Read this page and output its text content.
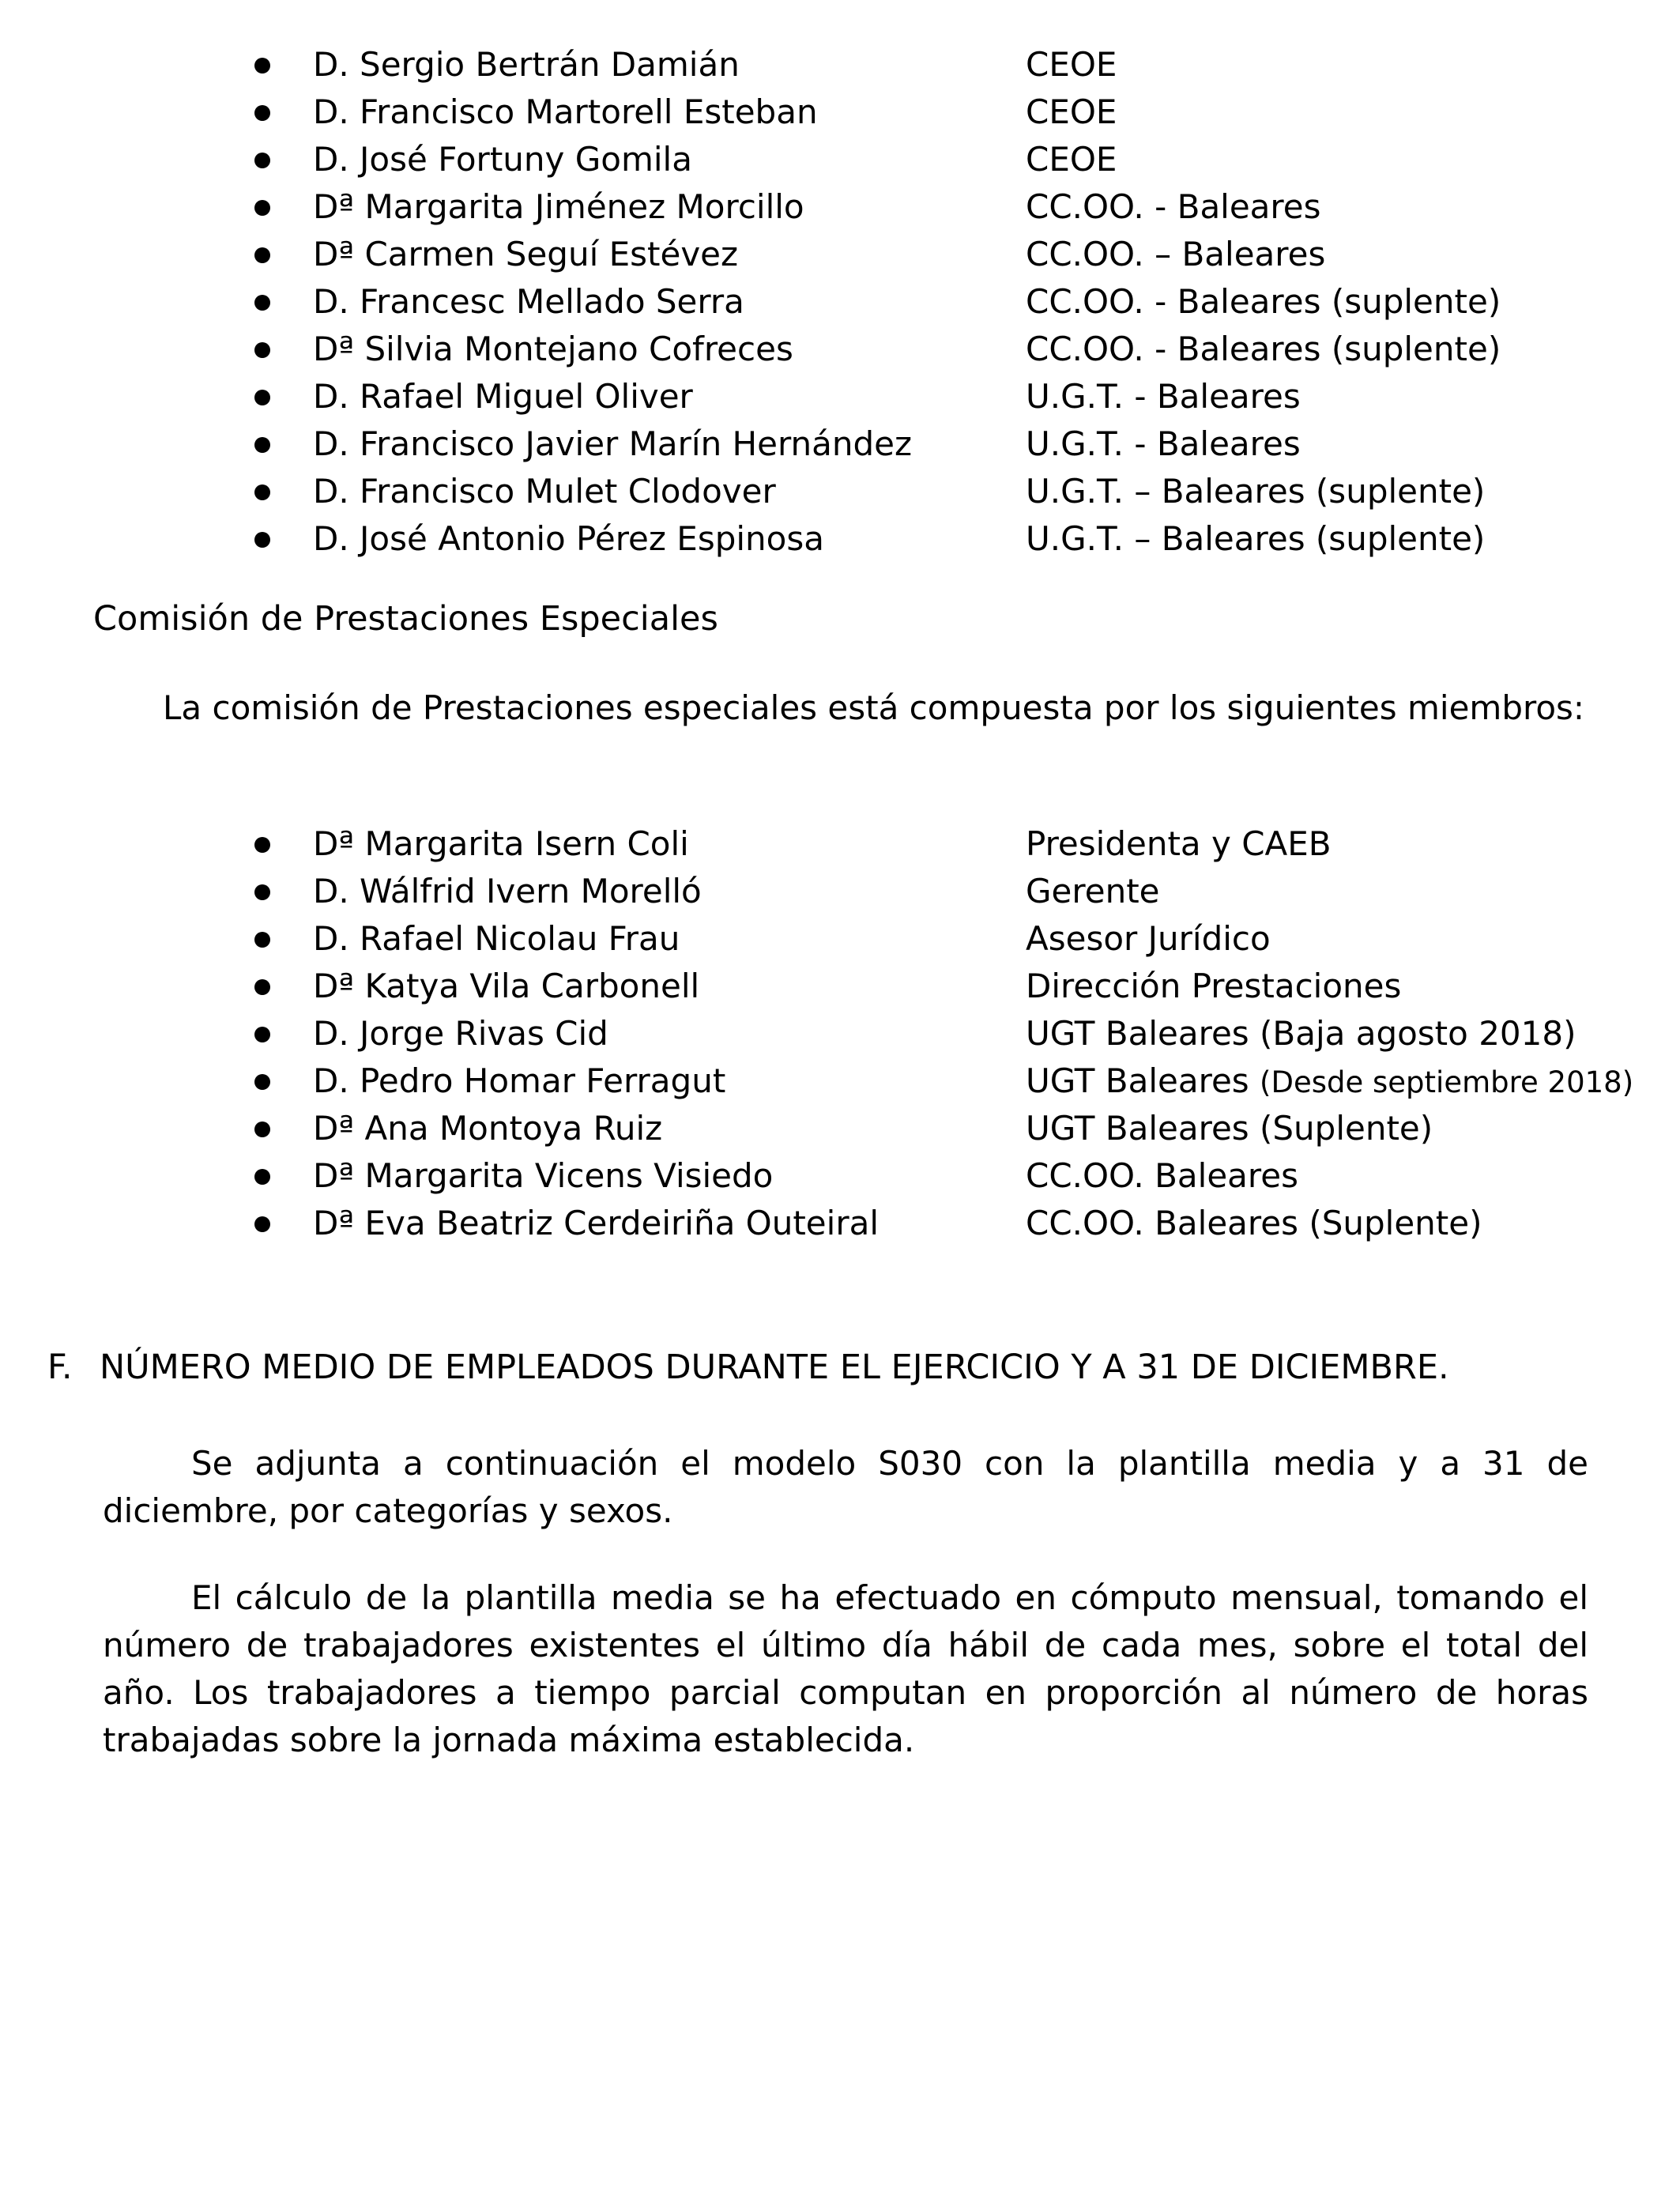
D. Sergio Bertrán Damián	CEOE
D. Francisco Martorell Esteban	CEOE
D. José Fortuny Gomila	CEOE
Dª Margarita Jiménez Morcillo	CC.OO. - Baleares
Dª Carmen Seguí Estévez	CC.OO. – Baleares
D. Francesc Mellado Serra	CC.OO. - Baleares (suplente)
Dª Silvia Montejano Cofreces	CC.OO. - Baleares (suplente)
D. Rafael Miguel Oliver	U.G.T. - Baleares
D. Francisco Javier Marín Hernández	U.G.T. - Baleares
D. Francisco Mulet Clodover	U.G.T. – Baleares (suplente)
D. José Antonio Pérez Espinosa	U.G.T. – Baleares (suplente)
Comisión de Prestaciones Especiales

La comisión de Prestaciones especiales está compuesta por los siguientes miembros:

Dª Margarita Isern Coli	Presidenta y CAEB
D. Wálfrid Ivern Morelló	Gerente
D. Rafael Nicolau Frau	Asesor Jurídico
Dª Katya Vila Carbonell	Dirección Prestaciones
D. Jorge Rivas Cid	UGT Baleares (Baja agosto 2018)
D. Pedro Homar Ferragut	UGT Baleares (Desde septiembre 2018)
Dª Ana Montoya Ruiz	UGT Baleares (Suplente)
Dª Margarita Vicens Visiedo	CC.OO. Baleares
Dª Eva Beatriz Cerdeiriña Outeiral	CC.OO. Baleares (Suplente)
F. NÚMERO MEDIO DE EMPLEADOS DURANTE EL EJERCICIO Y A 31 DE DICIEMBRE.

Se adjunta a continuación el modelo S030 con la plantilla media y a 31 de diciembre, por categorías y sexos.

El cálculo de la plantilla media se ha efectuado en cómputo mensual, tomando el número de trabajadores existentes el último día hábil de cada mes, sobre el total del año. Los trabajadores a tiempo parcial computan en proporción al número de horas trabajadas sobre la jornada máxima establecida.
